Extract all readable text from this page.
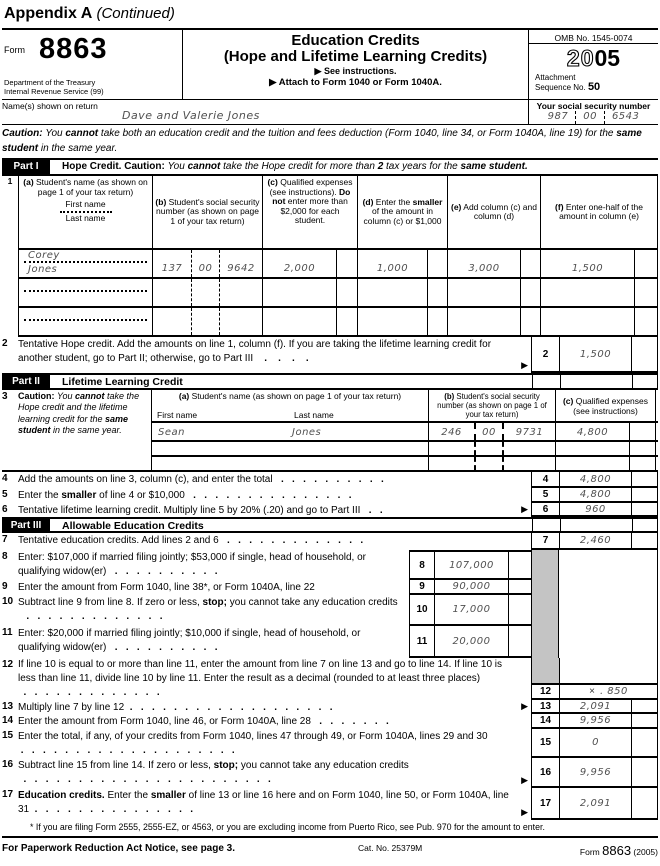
Appendix A (Continued)
Form 8863
Department of the Treasury
Internal Revenue Service (99)
Education Credits
(Hope and Lifetime Learning Credits)
▶ See instructions.
▶ Attach to Form 1040 or Form 1040A.
OMB No. 1545-0074
2005
Attachment
Sequence No. 50
Name(s) shown on return
Dave and Valerie Jones
Your social security number
987	00	6543
Caution: You cannot take both an education credit and the tuition and fees deduction (Form 1040, line 34, or Form 1040A, line 19) for the same student in the same year.
Part I	Hope Credit. Caution: You cannot take the Hope credit for more than 2 tax years for the same student.
1	(a) Student's name (as shown on page 1 of your tax return)
First name
Last name
(b) Student's social security number (as shown on page 1 of your tax return)
(c) Qualified expenses (see instructions). Do not enter more than $2,000 for each student.
(d) Enter the smaller of the amount in column (c) or $1,000
(e) Add column (c) and column (d)
(f) Enter one-half of the amount in column (e)
Corey
Jones	137	00	9642	2,000	1,000	3,000	1,500
2	Tentative Hope credit. Add the amounts on line 1, column (f). If you are taking the lifetime learning credit for another student, go to Part II; otherwise, go to Part III    .    .    .    .
▶
2	1,500
Part II	Lifetime Learning Credit
3	Caution: You cannot take the Hope credit and the lifetime learning credit for the same student in the same year.
(a) Student's name (as shown on page 1 of your tax return)
First name	Last name
(b) Student's social security number (as shown on page 1 of your tax return)
(c) Qualified expenses (see instructions)
Sean	Jones	246	00	9731	4,800
4	Add the amounts on line 3, column (c), and enter the total   .   .   .   .   .   .   .   .   .   .	4	4,800
5	Enter the smaller of line 4 or $10,000   .   .   .   .   .   .   .   .   .   .   .   .   .   .   .	5	4,800
6	Tentative lifetime learning credit. Multiply line 5 by 20% (.20) and go to Part III   .   .	▶	6	960
Part III	Allowable Education Credits
7	Tentative education credits. Add lines 2 and 6   .   .   .   .   .   .   .   .   .   .   .   .   .	7	2,460
8	Enter: $107,000 if married filing jointly; $53,000 if single, head of household, or qualifying widow(er)   .   .   .   .   .   .   .   .   .   .
8	107,000
9	Enter the amount from Form 1040, line 38*, or Form 1040A, line 22	9	90,000
10 Subtract line 9 from line 8. If zero or less, stop; you cannot take any education credits   .   .   .   .   .   .   .   .   .   .   .   .   .
10	17,000
11 Enter: $20,000 if married filing jointly; $10,000 if single, head of household, or qualifying widow(er)   .   .   .   .   .   .   .   .   .   .
11	20,000
12 If line 10 is equal to or more than line 11, enter the amount from line 7 on line 13 and go to line 14. If line 10 is less than line 11, divide line 10 by line 11. Enter the result as a decimal (rounded to at least three places)  .   .   .   .   .   .   .   .   .   .   .   .   .	12	× . 850
13 Multiply line 7 by line 12  .   .   .   .   .   .   .   .   .   .   .   .   .   .   .   .   .   .   .	▶	13	2,091
14 Enter the amount from Form 1040, line 46, or Form 1040A, line 28   .   .   .   .   .   .   .	14	9,956
15 Enter the total, if any, of your credits from Form 1040, lines 47 through 49, or Form 1040A, lines 29 and 30 .   .   .   .   .   .   .   .   .   .   .   .   .   .   .   .   .   .   .   .
15	0
16 Subtract line 15 from line 14. If zero or less, stop; you cannot take any education credits  .   .   .   .   .   .   .   .   .   .   .   .   .   .   .   .   .   .   .   .   .   .   .	▶
16	9,956
17 Education credits. Enter the smaller of line 13 or line 16 here and on Form 1040, line 50, or Form 1040A, line 31  .   .   .   .   .   .   .   .   .   .   .   .   .   .   .	▶
17	2,091
* If you are filing Form 2555, 2555-EZ, or 4563, or you are excluding income from Puerto Rico, see Pub. 970 for the amount to enter.
For Paperwork Reduction Act Notice, see page 3.	Cat. No. 25379M	Form 8863 (2005)
